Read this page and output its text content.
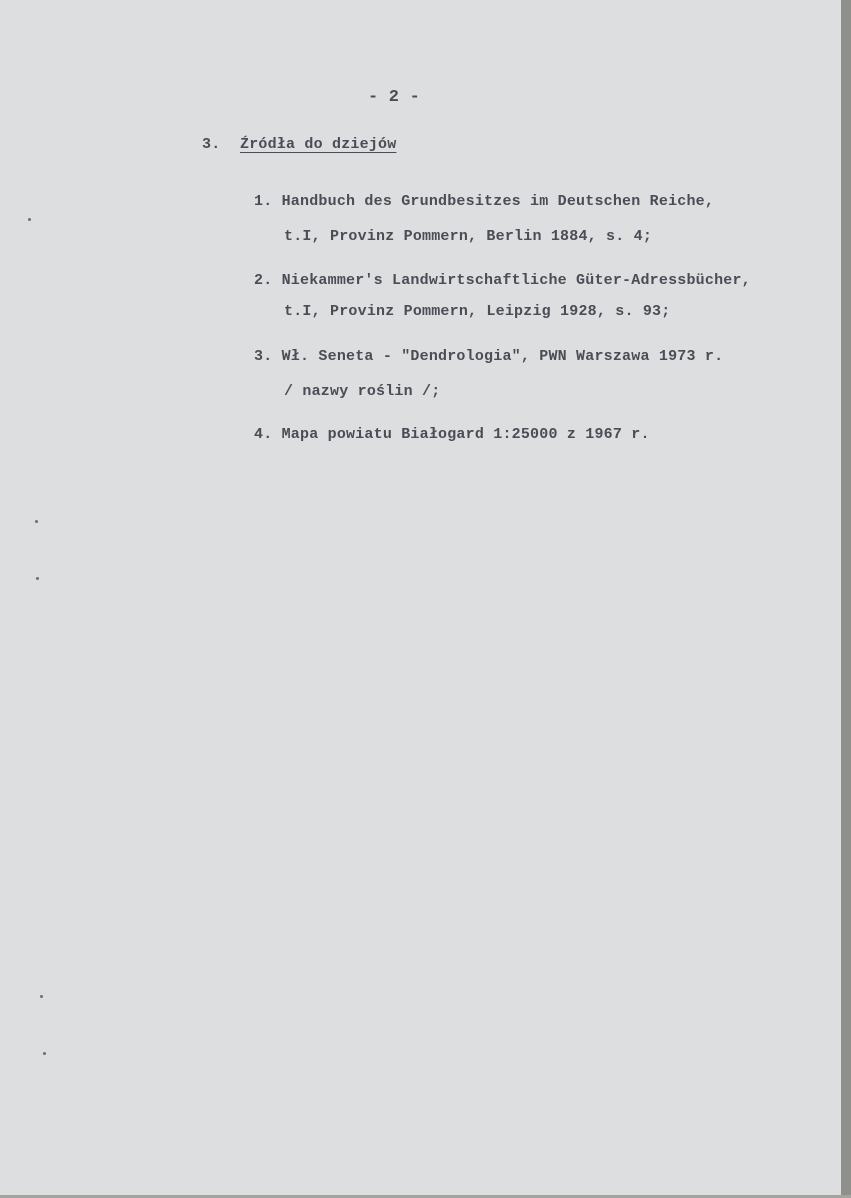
- 2 -
3. Źródła do dziejów
1. Handbuch des Grundbesitzes im Deutschen Reiche,
t.I, Provinz Pommern, Berlin 1884, s. 4;
2. Niekammer's Landwirtschaftliche Güter-Adressbücher,
t.I, Provinz Pommern, Leipzig 1928, s. 93;
3. Wł. Seneta - "Dendrologia", PWN Warszawa 1973 r.
/ nazwy roślin /;
4. Mapa powiatu Białogard 1:25000 z 1967 r.
